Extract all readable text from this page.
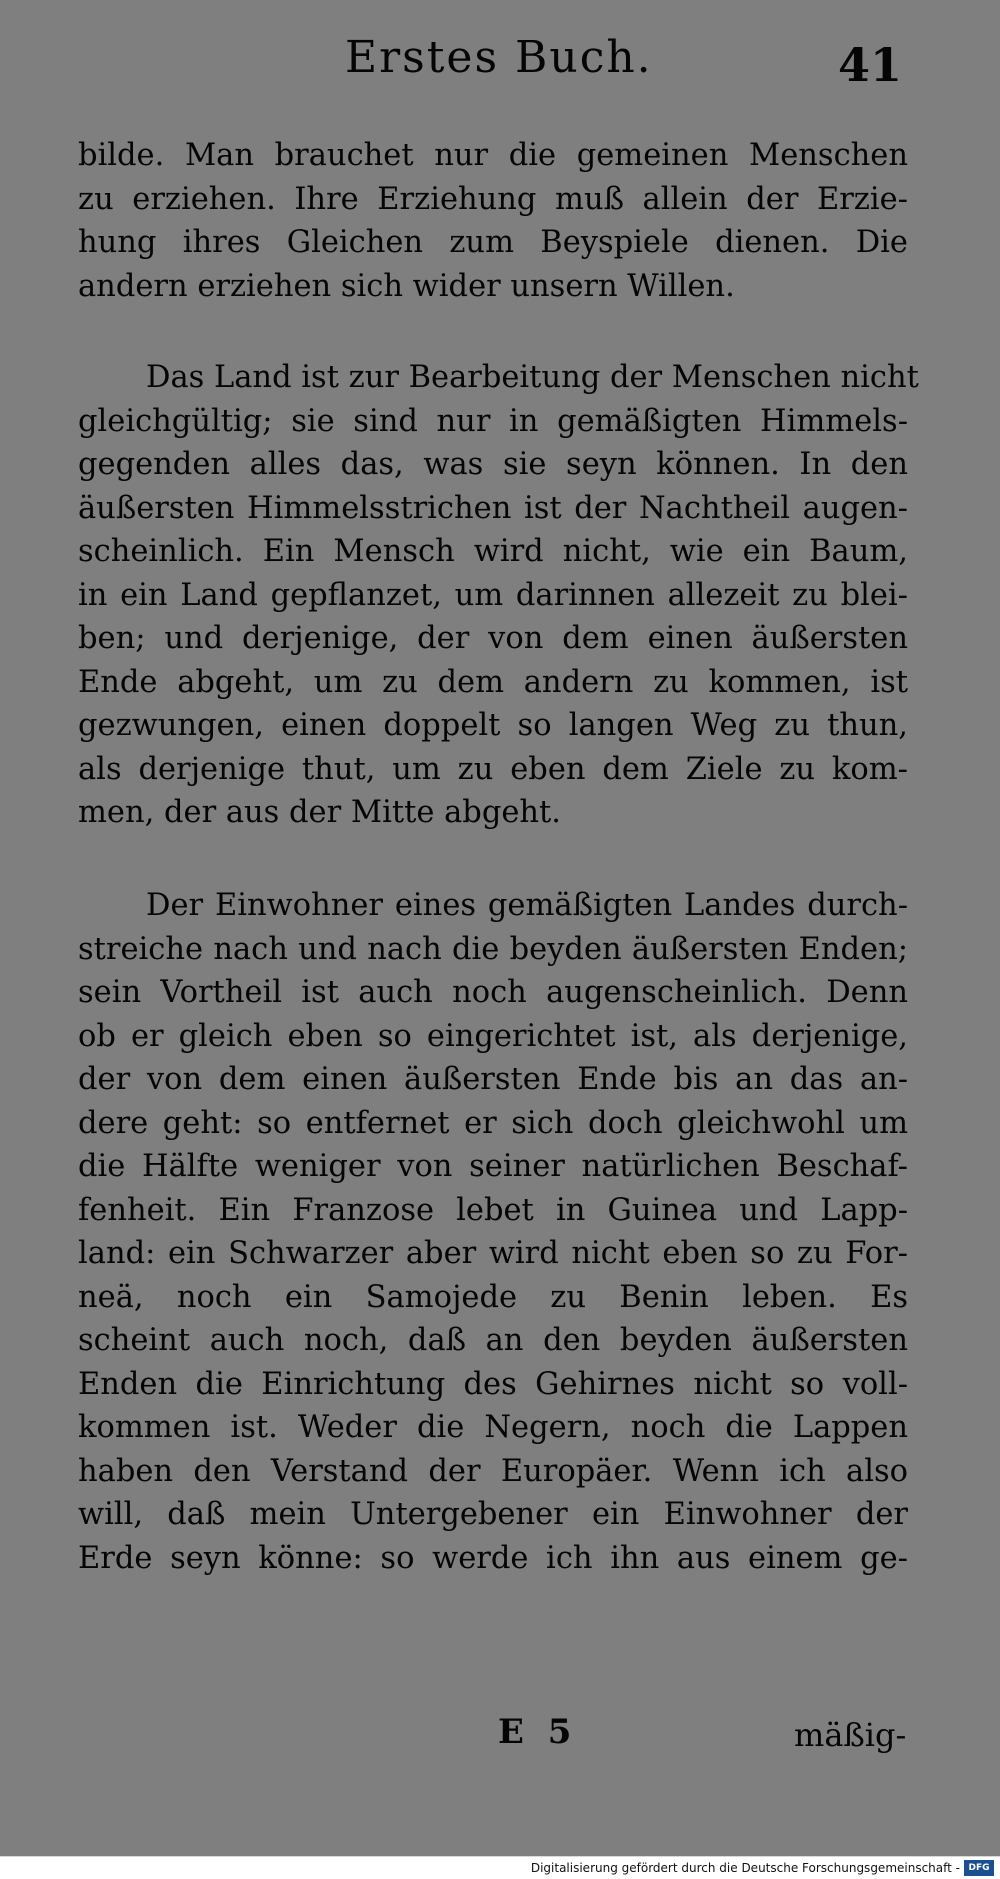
Erstes Buch.	41

bilde. Man brauchet nur die gemeinen Menschen
zu erziehen. Ihre Erziehung muß allein der Erzie-
hung ihres Gleichen zum Beyspiele dienen. Die
andern erziehen sich wider unsern Willen.

Das Land ist zur Bearbeitung der Menschen nicht
gleichgültig; sie sind nur in gemäßigten Himmels-
gegenden alles das, was sie seyn können. In den
äußersten Himmelsstrichen ist der Nachtheil augen-
scheinlich. Ein Mensch wird nicht, wie ein Baum,
in ein Land gepflanzet, um darinnen allezeit zu blei-
ben; und derjenige, der von dem einen äußersten
Ende abgeht, um zu dem andern zu kommen, ist
gezwungen, einen doppelt so langen Weg zu thun,
als derjenige thut, um zu eben dem Ziele zu kom-
men, der aus der Mitte abgeht.

Der Einwohner eines gemäßigten Landes durch-
streiche nach und nach die beyden äußersten Enden;
sein Vortheil ist auch noch augenscheinlich. Denn
ob er gleich eben so eingerichtet ist, als derjenige,
der von dem einen äußersten Ende bis an das an-
dere geht: so entfernet er sich doch gleichwohl um
die Hälfte weniger von seiner natürlichen Beschaf-
fenheit. Ein Franzose lebet in Guinea und Lapp-
land: ein Schwarzer aber wird nicht eben so zu For-
neä, noch ein Samojede zu Benin leben. Es
scheint auch noch, daß an den beyden äußersten
Enden die Einrichtung des Gehirnes nicht so voll-
kommen ist. Weder die Negern, noch die Lappen
haben den Verstand der Europäer. Wenn ich also
will, daß mein Untergebener ein Einwohner der
Erde seyn könne: so werde ich ihn aus einem ge-

E 5	mäßig-
Digitalisierung gefördert durch die Deutsche Forschungsgemeinschaft - DFG
